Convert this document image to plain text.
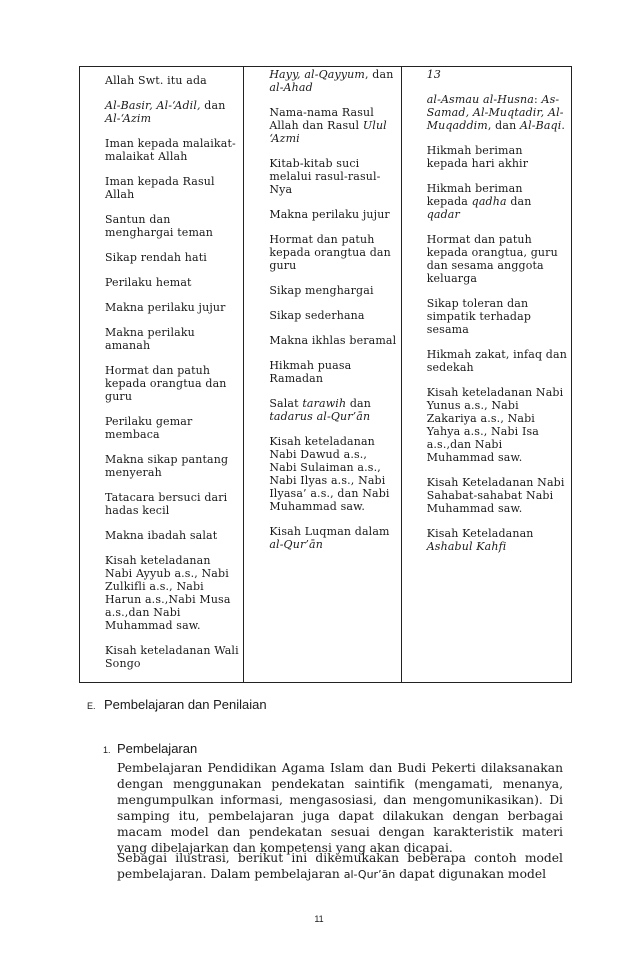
Allah Swt. itu ada
Al-Basir, Al-‘Adil, dan Al-‘Azim
Iman kepada malaikat-malaikat Allah
Iman kepada Rasul Allah
Santun dan menghargai teman
Sikap rendah hati
Perilaku hemat
Makna perilaku jujur
Makna perilaku amanah
Hormat dan patuh kepada orangtua dan guru
Perilaku gemar membaca
Makna sikap pantang menyerah
Tatacara bersuci dari hadas kecil
Makna ibadah salat
Kisah keteladanan Nabi Ayyub a.s., Nabi Zulkifli a.s., Nabi Harun a.s.,Nabi Musa a.s.,dan Nabi Muhammad saw.
Kisah keteladanan Wali Songo

Hayy, al-Qayyum, dan al-Ahad
Nama-nama Rasul Allah dan Rasul Ulul ‘Azmi
Kitab-kitab suci melalui rasul-rasul-Nya
Makna perilaku jujur
Hormat dan patuh kepada orangtua dan guru
Sikap menghargai
Sikap sederhana
Makna ikhlas beramal
Hikmah puasa Ramadan
Salat tarawih dan tadarus al-Qur’ān
Kisah keteladanan Nabi Dawud a.s., Nabi Sulaiman a.s., Nabi Ilyas a.s., Nabi Ilyasa’ a.s., dan Nabi Muhammad saw.
Kisah Luqman dalam al-Qur’ān

13
al-Asmau al-Husna: As-Samad, Al-Muqtadir, Al-Muqaddim, dan Al-Baqi.
Hikmah beriman kepada hari akhir
Hikmah beriman kepada qadha dan qadar
Hormat dan patuh kepada orangtua, guru dan sesama anggota keluarga
Sikap toleran dan simpatik terhadap sesama
Hikmah zakat, infaq dan sedekah
Kisah keteladanan Nabi Yunus a.s., Nabi Zakariya a.s., Nabi Yahya a.s., Nabi Isa a.s.,dan Nabi Muhammad saw.
Kisah Keteladanan Nabi Sahabat-sahabat Nabi Muhammad saw.
Kisah Keteladanan Ashabul Kahfi
E. Pembelajaran dan Penilaian
1. Pembelajaran

Pembelajaran Pendidikan Agama Islam dan Budi Pekerti dilaksanakan dengan menggunakan pendekatan saintifik (mengamati, menanya, mengumpulkan informasi, mengasosiasi, dan mengomunikasikan). Di samping itu, pembelajaran juga dapat dilakukan dengan berbagai macam model dan pendekatan sesuai dengan karakteristik materi yang dibelajarkan dan kompetensi yang akan dicapai.

Sebagai ilustrasi, berikut ini dikemukakan beberapa contoh model pembelajaran. Dalam pembelajaran al-Qur’ān dapat digunakan model

11
